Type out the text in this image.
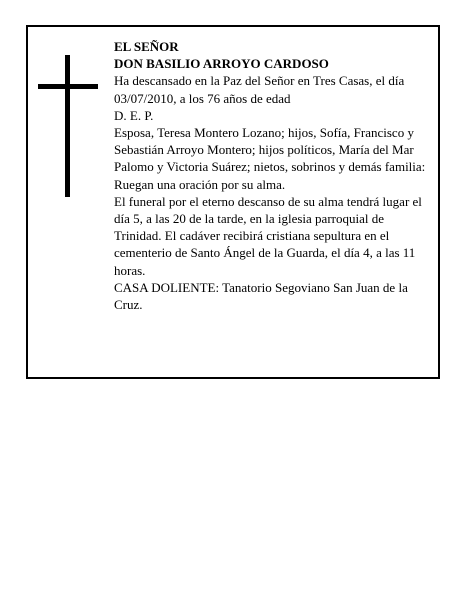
EL SEÑOR

DON BASILIO ARROYO CARDOSO

Ha descansado en la Paz del Señor en Tres Casas, el día 03/07/2010, a los 76 años de edad

D. E. P.

Esposa, Teresa Montero Lozano; hijos, Sofía, Francisco y Sebastián Arroyo Montero; hijos políticos, María del Mar Palomo y Victoria Suárez; nietos, sobrinos y demás familia:

Ruegan una oración por su alma.

El funeral por el eterno descanso de su alma tendrá lugar el día 5, a las 20 de la tarde, en la iglesia parroquial de Trinidad. El cadáver recibirá cristiana sepultura en el cementerio de Santo Ángel de la Guarda, el día 4, a las 11 horas.

CASA DOLIENTE: Tanatorio Segoviano San Juan de la Cruz.
